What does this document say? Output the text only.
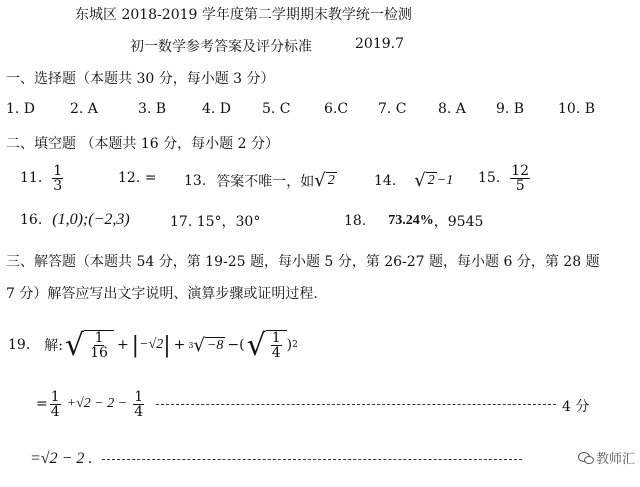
东城区 2018-2019 学年度第二学期期末教学统一检测
初一数学参考答案及评分标准	2019.7
一、选择题（本题共 30 分，每小题 3 分）
1. D 2. A	3. B	4. D 5. C 6.C 7. C 8. A 9. B 10. B
二、填空题 （本题共 16 分，每小题 2 分）
11. $\frac{1}{3}$	12. = 13. 答案不唯一，如 √ 2	14. √ 2 −1 15. $\frac{12}{5}$
16. (1,0);(−2,3)	17. 15°，30°	18. 73.24% ，9545
三、解答题（本题共 54 分，第 19-25 题，每小题 5 分，第 26-27 题，每小题 6 分，第 28 题
7 分）解答应写出文字说明、演算步骤或证明过程.
19. 解: √ $\frac{1}{16}$ + | −√2 | + 3 √ −8 −( √ $\frac{1}{4}$ ) 2
= $\frac{1}{4} +√2 - 2 - \frac{1}{4}$	4 分
=√2 − 2 .	教师汇
